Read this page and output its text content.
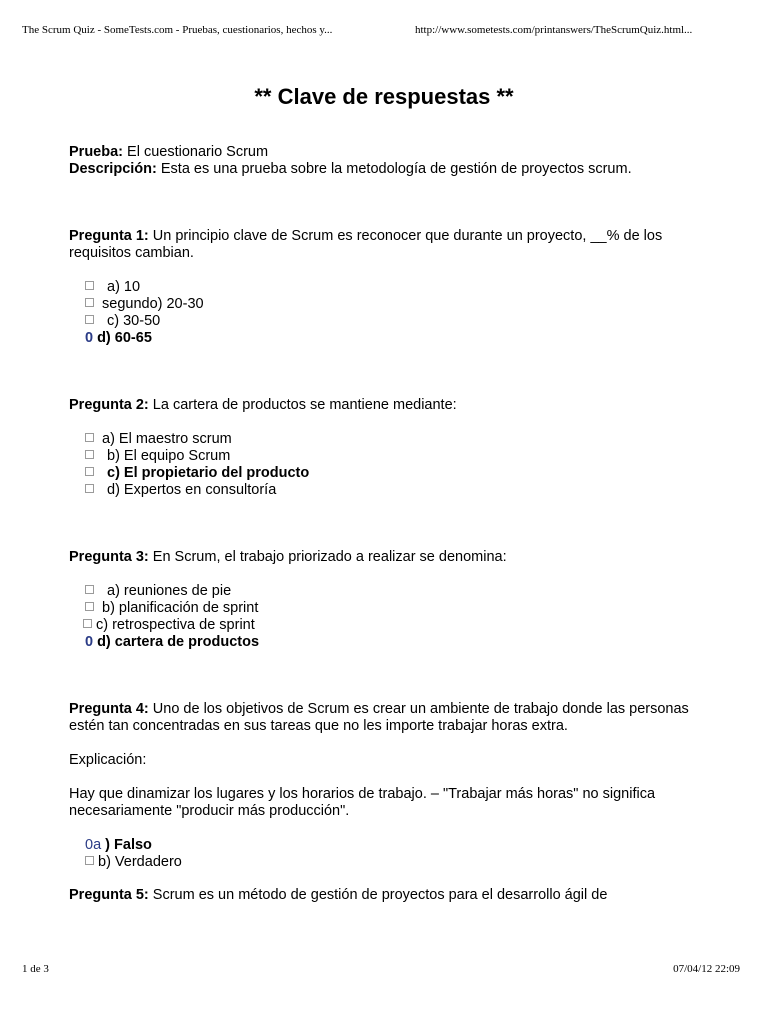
The Scrum Quiz - SomeTests.com - Pruebas, cuestionarios, hechos y...	http://www.sometests.com/printanswers/TheScrumQuiz.html...
** Clave de respuestas **
Prueba: El cuestionario Scrum
Descripción: Esta es una prueba sobre la metodología de gestión de proyectos scrum.

Pregunta 1: Un principio clave de Scrum es reconocer que durante un proyecto, __% de los requisitos cambian.

a) 10
segundo) 20-30
c) 30-50
0 d) 60-65

Pregunta 2: La cartera de productos se mantiene mediante:

a) El maestro scrum
b) El equipo Scrum
c) El propietario del producto
d) Expertos en consultoría

Pregunta 3: En Scrum, el trabajo priorizado a realizar se denomina:

a) reuniones de pie
b) planificación de sprint
c) retrospectiva de sprint
0 d) cartera de productos

Pregunta 4: Uno de los objetivos de Scrum es crear un ambiente de trabajo donde las personas estén tan concentradas en sus tareas que no les importe trabajar horas extra.

Explicación:

Hay que dinamizar los lugares y los horarios de trabajo. – "Trabajar más horas" no significa necesariamente "producir más producción".

0a ) Falso
b) Verdadero

Pregunta 5: Scrum es un método de gestión de proyectos para el desarrollo ágil de

1 de 3	07/04/12 22:09
